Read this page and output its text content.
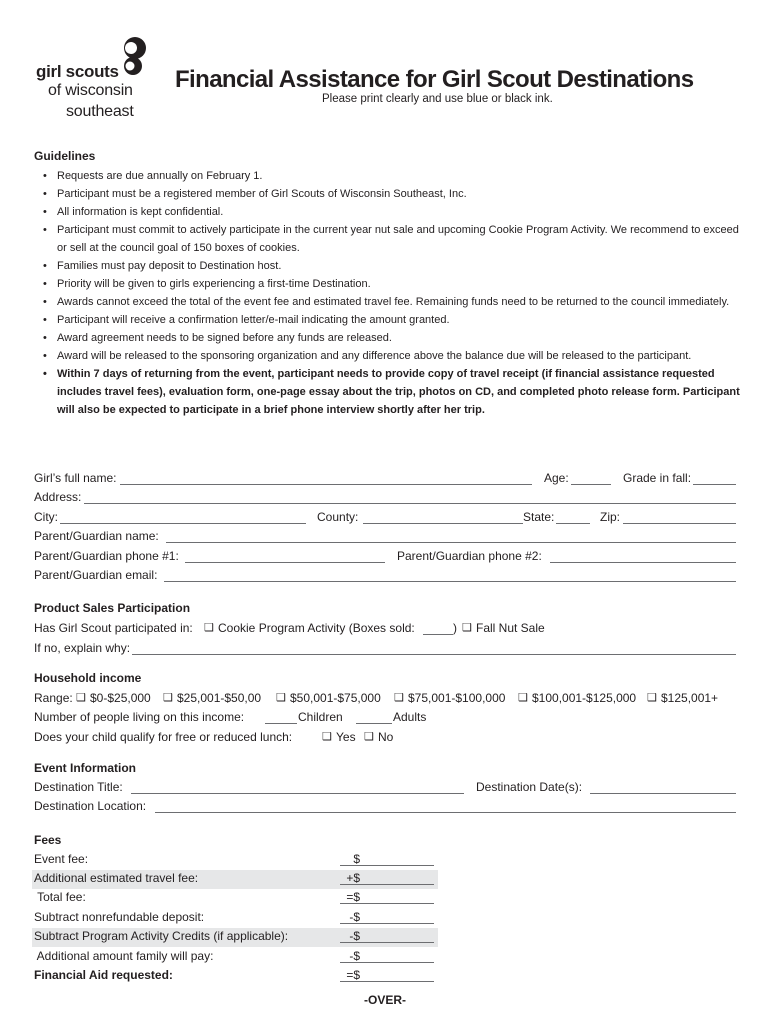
girl scouts
of wisconsin
southeast
Financial Assistance for Girl Scout Destinations
Please print clearly and use blue or black ink.
Guidelines
• Requests are due annually on February 1.
• Participant must be a registered member of Girl Scouts of Wisconsin Southeast, Inc.
• All information is kept confidential.
• Participant must commit to actively participate in the current year nut sale and upcoming Cookie Program Activity. We recommend to exceed or sell at the council goal of 150 boxes of cookies.
• Families must pay deposit to Destination host.
• Priority will be given to girls experiencing a first-time Destination.
• Awards cannot exceed the total of the event fee and estimated travel fee. Remaining funds need to be returned to the council immediately.
• Participant will receive a confirmation letter/e-mail indicating the amount granted.
• Award agreement needs to be signed before any funds are released.
• Award will be released to the sponsoring organization and any difference above the balance due will be released to the participant.
• Within 7 days of returning from the event, participant needs to provide copy of travel receipt (if financial assistance requested includes travel fees), evaluation form, one-page essay about the trip, photos on CD, and completed photo release form. Participant will also be expected to participate in a brief phone interview shortly after her trip.
Girl’s full name:	Age:	Grade in fall:
Address:
City:	County:	State:	Zip:
Parent/Guardian name:
Parent/Guardian phone #1:	Parent/Guardian phone #2:
Parent/Guardian email:
Product Sales Participation
Has Girl Scout participated in: ❑ Cookie Program Activity (Boxes sold:	) ❑ Fall Nut Sale
If no, explain why:
Household income
Range: ❑ $0-$25,000 ❑ $25,001-$50,00 ❑ $50,001-$75,000 ❑ $75,001-$100,000 ❑ $100,001-$125,000 ❑ $125,001+
Number of people living on this income:	Children	Adults
Does your child qualify for free or reduced lunch:	❑ Yes ❑ No
Event Information
Destination Title:	Destination Date(s):
Destination Location:
Fees
Event fee:	$
Additional estimated travel fee:	+$
Total fee:	=$
Subtract nonrefundable deposit:	-$
Subtract Program Activity Credits (if applicable):	-$
Additional amount family will pay:	-$
Financial Aid requested:	=$
-OVER-
